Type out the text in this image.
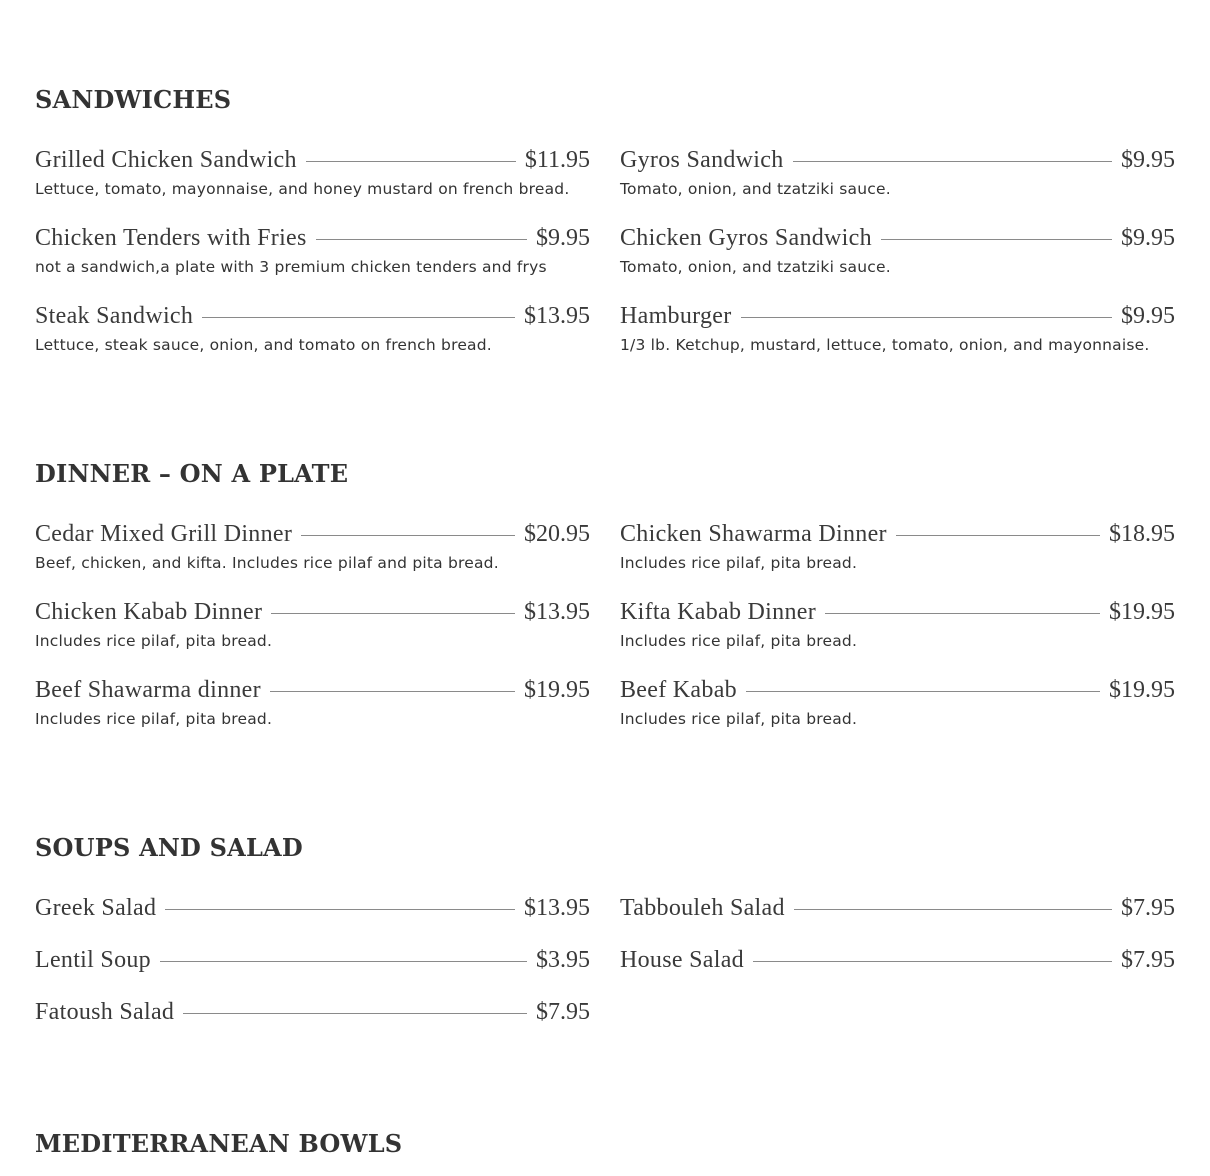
SANDWICHES
Grilled Chicken Sandwich	$11.95
Lettuce, tomato, mayonnaise, and honey mustard on french bread.
Gyros Sandwich	$9.95
Tomato, onion, and tzatziki sauce.
Chicken Tenders with Fries	$9.95
not a sandwich,a plate with 3 premium chicken tenders and frys
Chicken Gyros Sandwich	$9.95
Tomato, onion, and tzatziki sauce.
Steak Sandwich	$13.95
Lettuce, steak sauce, onion, and tomato on french bread.
Hamburger	$9.95
1/3 lb. Ketchup, mustard, lettuce, tomato, onion, and mayonnaise.
DINNER – ON A PLATE
Cedar Mixed Grill Dinner	$20.95
Beef, chicken, and kifta. Includes rice pilaf and pita bread.
Chicken Shawarma Dinner	$18.95
Includes rice pilaf, pita bread.
Chicken Kabab Dinner	$13.95
Includes rice pilaf, pita bread.
Kifta Kabab Dinner	$19.95
Includes rice pilaf, pita bread.
Beef Shawarma dinner	$19.95
Includes rice pilaf, pita bread.
Beef Kabab	$19.95
Includes rice pilaf, pita bread.
SOUPS AND SALAD
Greek Salad	$13.95 Tabbouleh Salad	$7.95
Lentil Soup	$3.95 House Salad	$7.95
Fatoush Salad	$7.95
MEDITERRANEAN BOWLS
